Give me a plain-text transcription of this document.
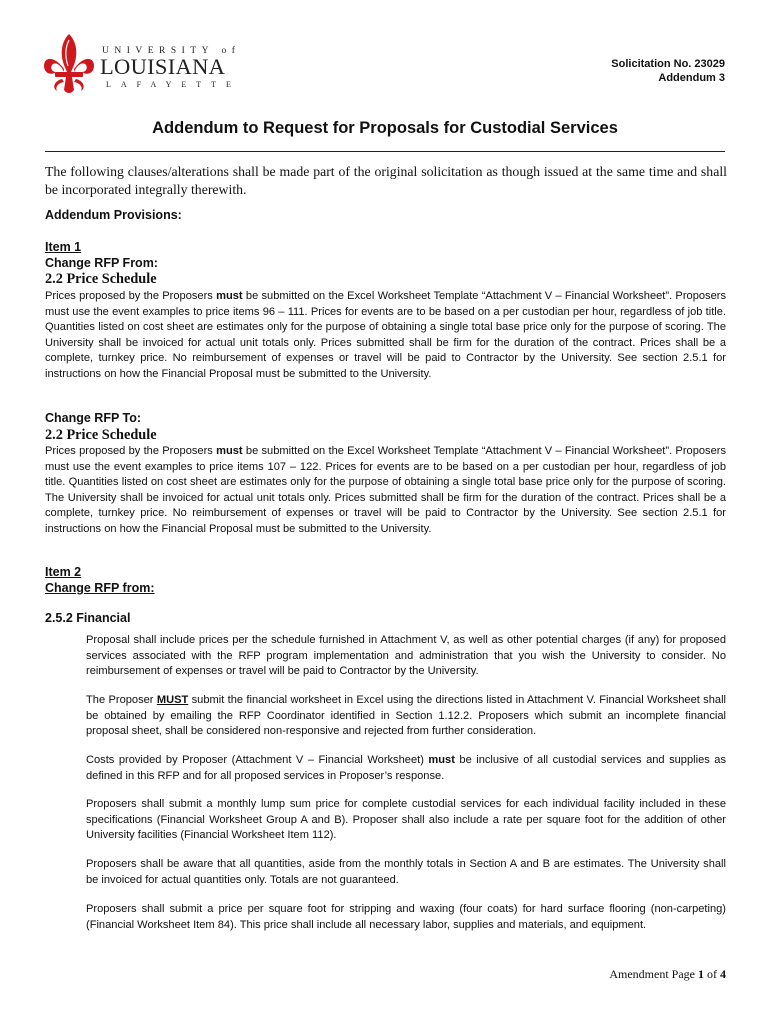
UNIVERSITY of
LOUISIANA
LAFAYETTE
Solicitation No. 23029
Addendum 3
Addendum to Request for Proposals for Custodial Services
The following clauses/alterations shall be made part of the original solicitation as though issued at the same time and shall be incorporated integrally therewith.
Addendum Provisions:
Item 1
Change RFP From:
2.2 Price Schedule
Prices proposed by the Proposers must be submitted on the Excel Worksheet Template “Attachment V – Financial Worksheet”. Proposers must use the event examples to price items 96 – 111. Prices for events are to be based on a per custodian per hour, regardless of job title. Quantities listed on cost sheet are estimates only for the purpose of obtaining a single total base price only for the purpose of scoring. The University shall be invoiced for actual unit totals only. Prices submitted shall be firm for the duration of the contract. Prices shall be a complete, turnkey price. No reimbursement of expenses or travel will be paid to Contractor by the University. See section 2.5.1 for instructions on how the Financial Proposal must be submitted to the University.
Change RFP To:
2.2 Price Schedule
Prices proposed by the Proposers must be submitted on the Excel Worksheet Template “Attachment V – Financial Worksheet”. Proposers must use the event examples to price items 107 – 122. Prices for events are to be based on a per custodian per hour, regardless of job title. Quantities listed on cost sheet are estimates only for the purpose of obtaining a single total base price only for the purpose of scoring. The University shall be invoiced for actual unit totals only. Prices submitted shall be firm for the duration of the contract. Prices shall be a complete, turnkey price. No reimbursement of expenses or travel will be paid to Contractor by the University. See section 2.5.1 for instructions on how the Financial Proposal must be submitted to the University.
Item 2
Change RFP from:
2.5.2 Financial
Proposal shall include prices per the schedule furnished in Attachment V, as well as other potential charges (if any) for proposed services associated with the RFP program implementation and administration that you wish the University to consider. No reimbursement of expenses or travel will be paid to Contractor by the University.
The Proposer MUST submit the financial worksheet in Excel using the directions listed in Attachment V. Financial Worksheet shall be obtained by emailing the RFP Coordinator identified in Section 1.12.2. Proposers which submit an incomplete financial proposal sheet, shall be considered non-responsive and rejected from further consideration.
Costs provided by Proposer (Attachment V – Financial Worksheet) must be inclusive of all custodial services and supplies as defined in this RFP and for all proposed services in Proposer’s response.
Proposers shall submit a monthly lump sum price for complete custodial services for each individual facility included in these specifications (Financial Worksheet Group A and B). Proposer shall also include a rate per square foot for the addition of other University facilities (Financial Worksheet Item 112).
Proposers shall be aware that all quantities, aside from the monthly totals in Section A and B are estimates. The University shall be invoiced for actual quantities only. Totals are not guaranteed.
Proposers shall submit a price per square foot for stripping and waxing (four coats) for hard surface flooring (non-carpeting) (Financial Worksheet Item 84). This price shall include all necessary labor, supplies and materials, and equipment.
Amendment Page 1 of 4
